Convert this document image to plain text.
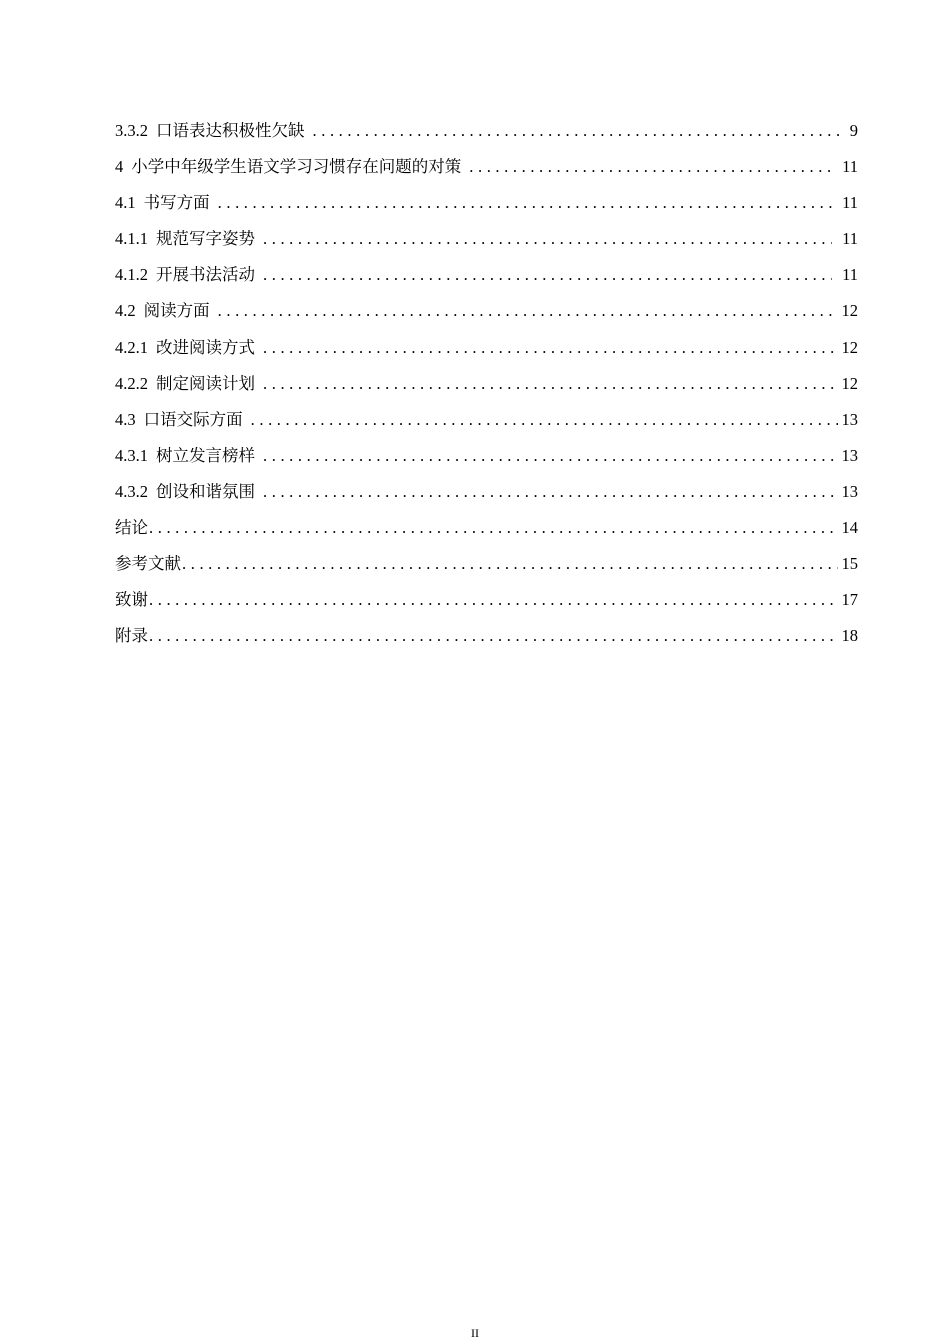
3.3.2 口语表达积极性欠缺 .....	9
4 小学中年级学生语文学习习惯存在问题的对策 .....	11
4.1 书写方面 .....	11
4.1.1 规范写字姿势 .....	11
4.1.2 开展书法活动 .....	11
4.2 阅读方面 .....	12
4.2.1 改进阅读方式 .....	12
4.2.2 制定阅读计划 .....	12
4.3 口语交际方面 .....	13
4.3.1 树立发言榜样 .....	13
4.3.2 创设和谐氛围 .....	13
结论 .....	14
参考文献 .....	15
致谢 .....	17
附录 .....	18
II
